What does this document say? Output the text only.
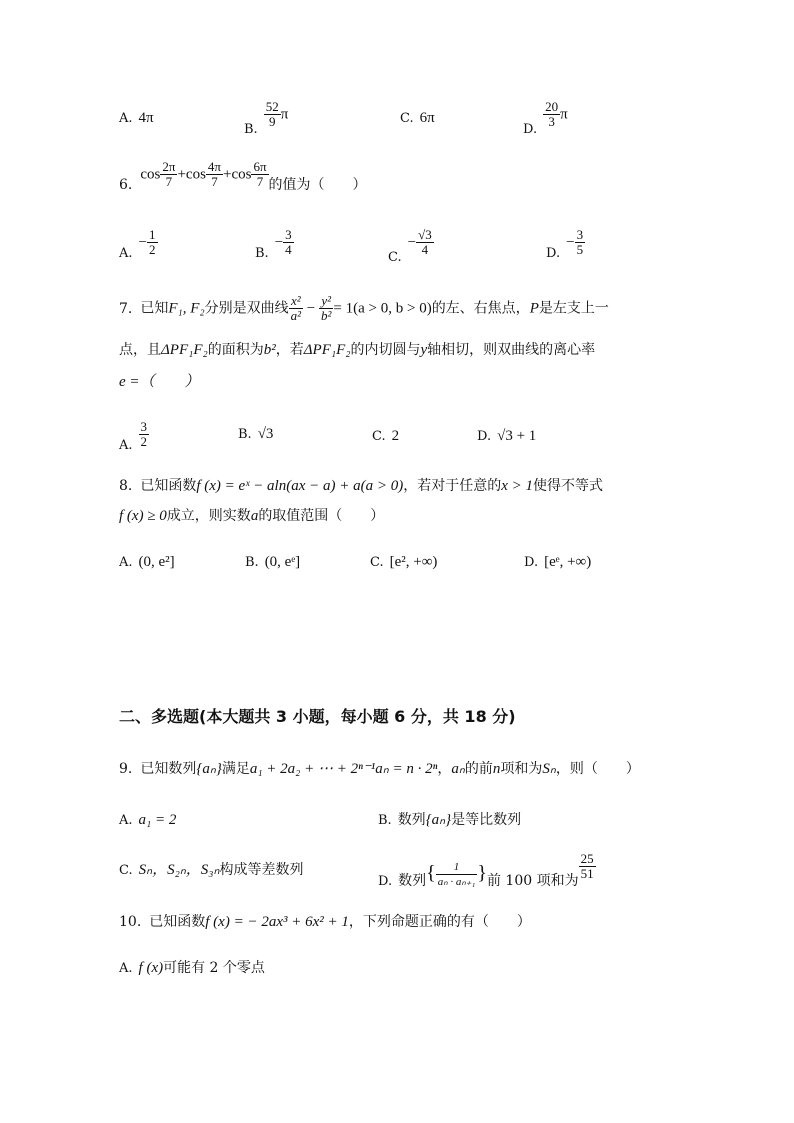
A. 4π
B. $\frac{52}{9}$ π	C. 6π
D. $\frac{20}{3}$ π
$6.\cos \frac{2\pi}{7} +\cos \frac{4\pi}{7} +\cos \frac{6\pi}{7}$ 的值为（　　）
$A.- \frac{1}{2}$	$B.- \frac{3}{4}$	$C.- \frac{√3}{4}$	$D.- \frac{3}{5}$
7. 已知F₁, F₂分别是双曲线 $\frac{\text{x²}}{\text{a²}} - \frac{\text{y²}}{\text{b²}} = 1(a > 0$, b > 0)的左、右焦点，P是左支上一
点，且ΔPF₁F₂的面积为b²，若ΔPF₁F₂的内切圆与y轴相切，则双曲线的离心率
e =（　　）
A. $\frac{3}{2}$	B. √3	C. 2	D. √3 + 1
8. 已知函数f (x) = eˣ − aln(ax − a) + a(a > 0)，若对于任意的x > 1使得不等式
f (x) ≥ 0成立，则实数a的取值范围（　　）
A. (0, e²]	B. (0, eᵉ]	C. [e², +∞)	D. [eᵉ, +∞)
二、多选题(本大题共 3 小题，每小题 6 分，共 18 分)
9. 已知数列{aₙ}满足a₁ + 2a₂ + ⋯ + 2ⁿ⁻¹aₙ = n · 2ⁿ，aₙ的前n项和为Sₙ，则（　　）
A. a₁ = 2	B. 数列{aₙ}是等比数列
C. Sₙ，S₂ₙ，S₃ₙ构成等差数列
D. 数列{ $\frac{1}{\text{aₙ · aₙ₊₁}}$ }前 100 项和为 $\frac{25}{51}$
10. 已知函数f (x) = − 2ax³ + 6x² + 1，下列命题正确的有（　　）
A. f (x)可能有 2 个零点
